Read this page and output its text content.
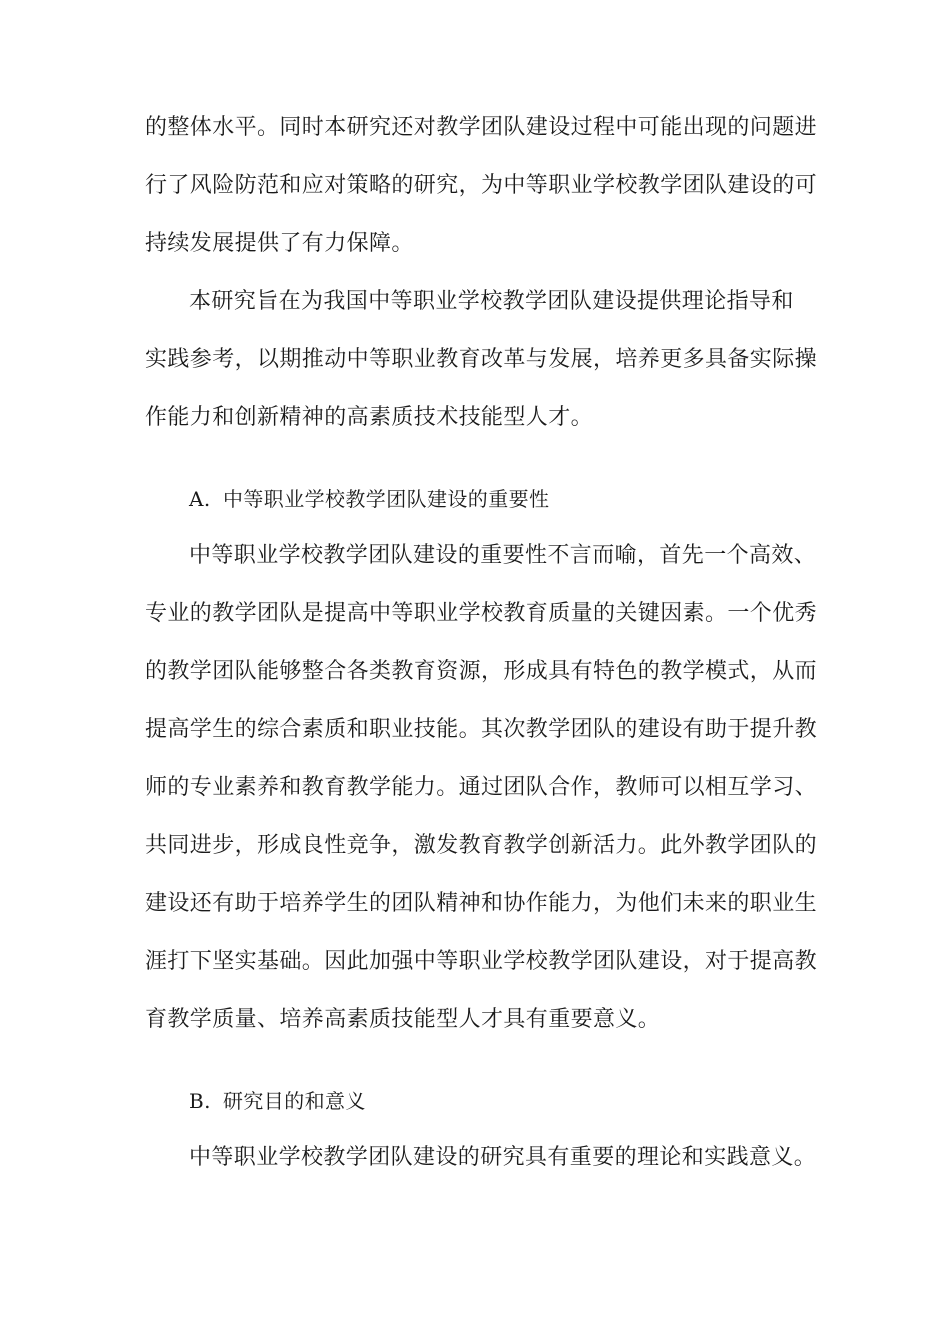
的整体水平。同时本研究还对教学团队建设过程中可能出现的问题进
行了风险防范和应对策略的研究，为中等职业学校教学团队建设的可
持续发展提供了有力保障。
本研究旨在为我国中等职业学校教学团队建设提供理论指导和
实践参考，以期推动中等职业教育改革与发展，培养更多具备实际操
作能力和创新精神的高素质技术技能型人才。
A. 中等职业学校教学团队建设的重要性
中等职业学校教学团队建设的重要性不言而喻，首先一个高效、
专业的教学团队是提高中等职业学校教育质量的关键因素。一个优秀
的教学团队能够整合各类教育资源，形成具有特色的教学模式，从而
提高学生的综合素质和职业技能。其次教学团队的建设有助于提升教
师的专业素养和教育教学能力。通过团队合作，教师可以相互学习、
共同进步，形成良性竞争，激发教育教学创新活力。此外教学团队的
建设还有助于培养学生的团队精神和协作能力，为他们未来的职业生
涯打下坚实基础。因此加强中等职业学校教学团队建设，对于提高教
育教学质量、培养高素质技能型人才具有重要意义。
B. 研究目的和意义
中等职业学校教学团队建设的研究具有重要的理论和实践意义。
